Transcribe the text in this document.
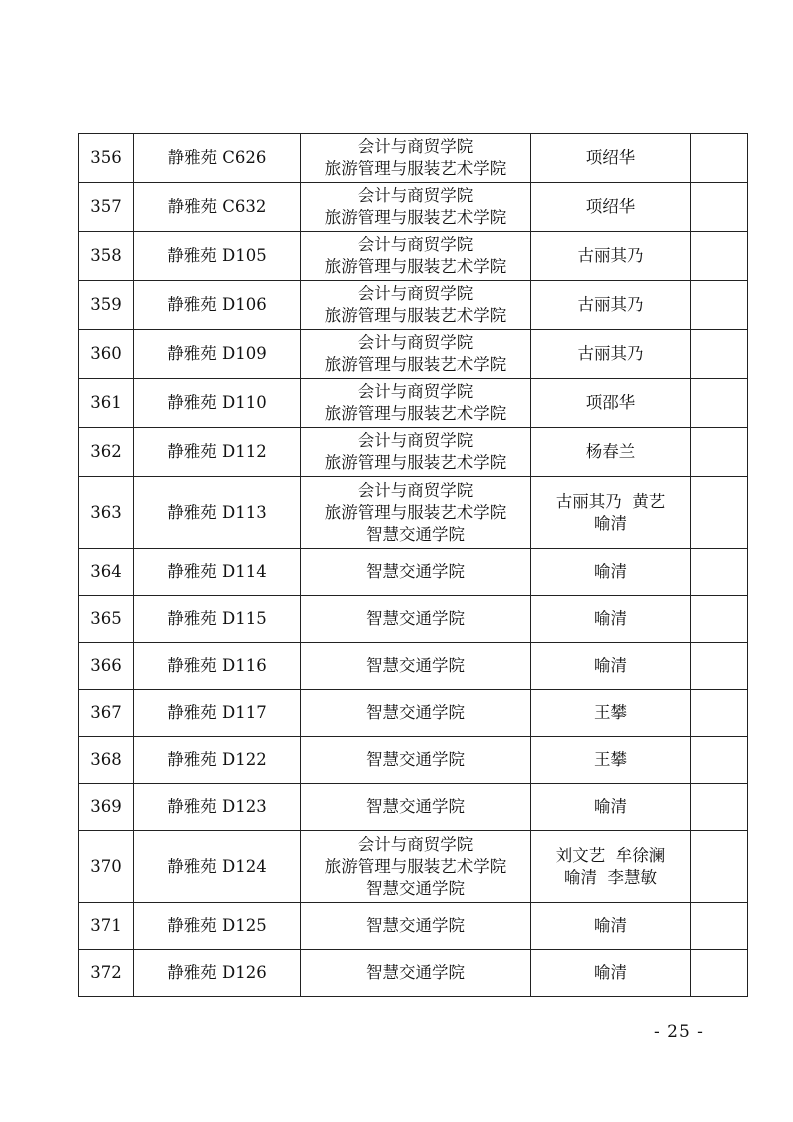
356	静雅苑 C626	会计与商贸学院
旅游管理与服装艺术学院	项绍华	

357	静雅苑 C632	会计与商贸学院
旅游管理与服装艺术学院	项绍华	

358	静雅苑 D105	会计与商贸学院
旅游管理与服装艺术学院	古丽其乃	

359	静雅苑 D106	会计与商贸学院
旅游管理与服装艺术学院	古丽其乃	

360	静雅苑 D109	会计与商贸学院
旅游管理与服装艺术学院	古丽其乃	

361	静雅苑 D110	会计与商贸学院
旅游管理与服装艺术学院	项邵华	

362	静雅苑 D112	会计与商贸学院
旅游管理与服装艺术学院	杨春兰	

363	静雅苑 D113	会计与商贸学院
旅游管理与服装艺术学院
智慧交通学院	古丽其乃  黄艺
喻清	

364	静雅苑 D114	智慧交通学院	喻清	

365	静雅苑 D115	智慧交通学院	喻清	

366	静雅苑 D116	智慧交通学院	喻清	

367	静雅苑 D117	智慧交通学院	王攀	

368	静雅苑 D122	智慧交通学院	王攀	

369	静雅苑 D123	智慧交通学院	喻清	

370	静雅苑 D124	会计与商贸学院
旅游管理与服装艺术学院
智慧交通学院	刘文艺  牟徐澜
喻清  李慧敏	

371	静雅苑 D125	智慧交通学院	喻清	

372	静雅苑 D126	智慧交通学院	喻清	

- 25 -
